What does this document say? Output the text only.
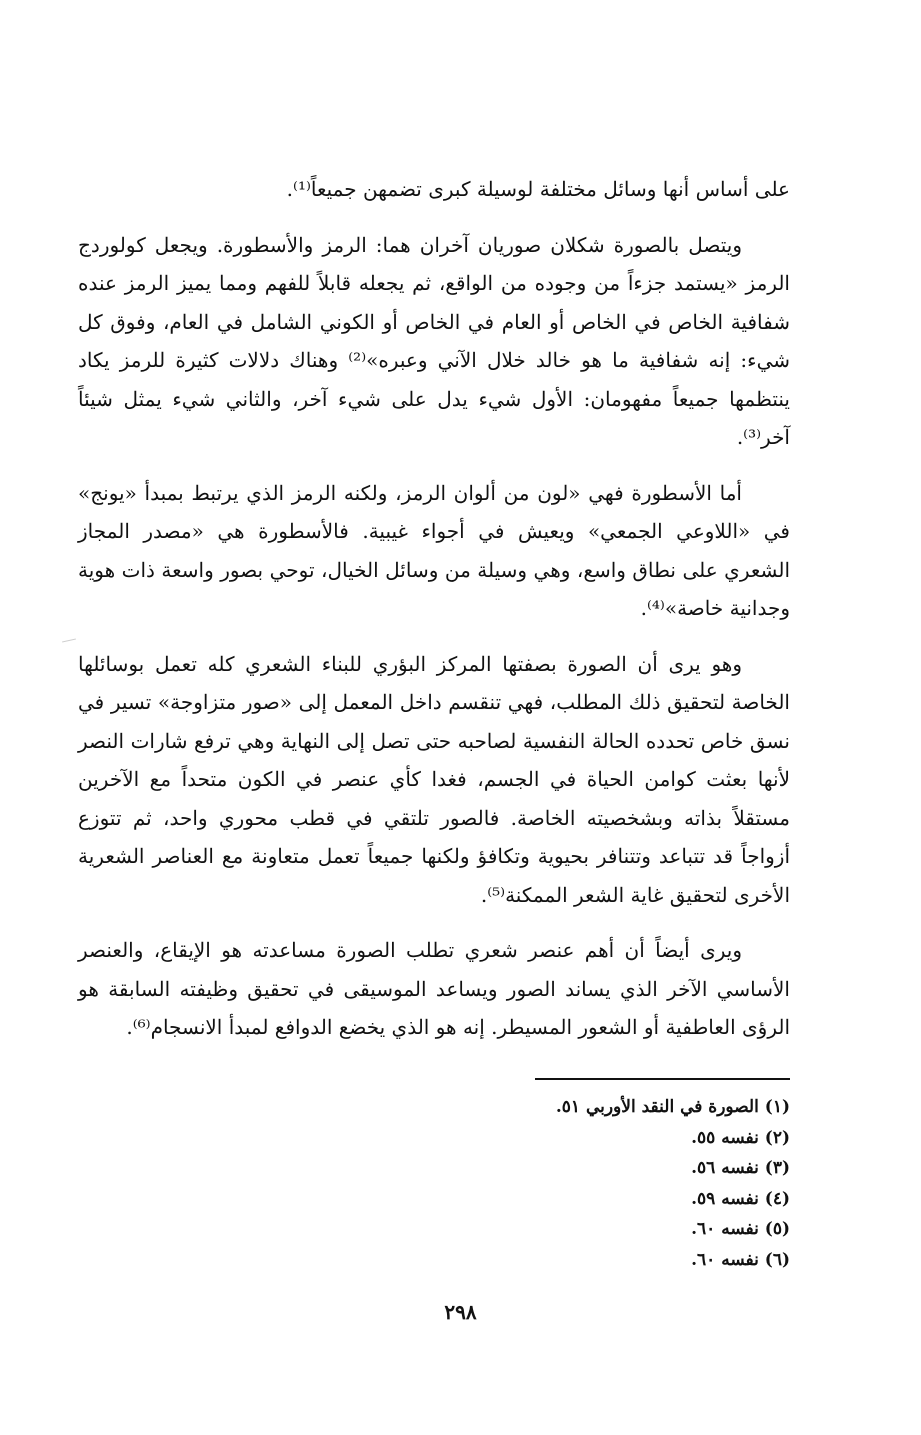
على أساس أنها وسائل مختلفة لوسيلة كبرى تضمهن جميعاً⁽¹⁾.

ويتصل بالصورة شكلان صوريان آخران هما: الرمز والأسطورة. ويجعل كولوردج الرمز «يستمد جزءاً من وجوده من الواقع، ثم يجعله قابلاً للفهم ومما يميز الرمز عنده شفافية الخاص في الخاص أو العام في الخاص أو الكوني الشامل في العام، وفوق كل شيء: إنه شفافية ما هو خالد خلال الآني وعبره»⁽²⁾ وهناك دلالات كثيرة للرمز يكاد ينتظمها جميعاً مفهومان: الأول شيء يدل على شيء آخر، والثاني شيء يمثل شيئاً آخر⁽³⁾.

أما الأسطورة فهي «لون من ألوان الرمز، ولكنه الرمز الذي يرتبط بمبدأ «يونج» في «اللاوعي الجمعي» ويعيش في أجواء غيبية. فالأسطورة هي «مصدر المجاز الشعري على نطاق واسع، وهي وسيلة من وسائل الخيال، توحي بصور واسعة ذات هوية وجدانية خاصة»⁽⁴⁾.

وهو يرى أن الصورة بصفتها المركز البؤري للبناء الشعري كله تعمل بوسائلها الخاصة لتحقيق ذلك المطلب، فهي تنقسم داخل المعمل إلى «صور متزاوجة» تسير في نسق خاص تحدده الحالة النفسية لصاحبه حتى تصل إلى النهاية وهي ترفع شارات النصر لأنها بعثت كوامن الحياة في الجسم، فغدا كأي عنصر في الكون متحداً مع الآخرين مستقلاً بذاته وبشخصيته الخاصة. فالصور تلتقي في قطب محوري واحد، ثم تتوزع أزواجاً قد تتباعد وتتنافر بحيوية وتكافؤ ولكنها جميعاً تعمل متعاونة مع العناصر الشعرية الأخرى لتحقيق غاية الشعر الممكنة⁽⁵⁾.

ويرى أيضاً أن أهم عنصر شعري تطلب الصورة مساعدته هو الإيقاع، والعنصر الأساسي الآخر الذي يساند الصور ويساعد الموسيقى في تحقيق وظيفته السابقة هو الرؤى العاطفية أو الشعور المسيطر. إنه هو الذي يخضع الدوافع لمبدأ الانسجام⁽⁶⁾.

(١) الصورة في النقد الأوربي ٥١.
(٢) نفسه ٥٥.
(٣) نفسه ٥٦.
(٤) نفسه ٥٩.
(٥) نفسه ٦٠.
(٦) نفسه ٦٠.
٢٩٨
